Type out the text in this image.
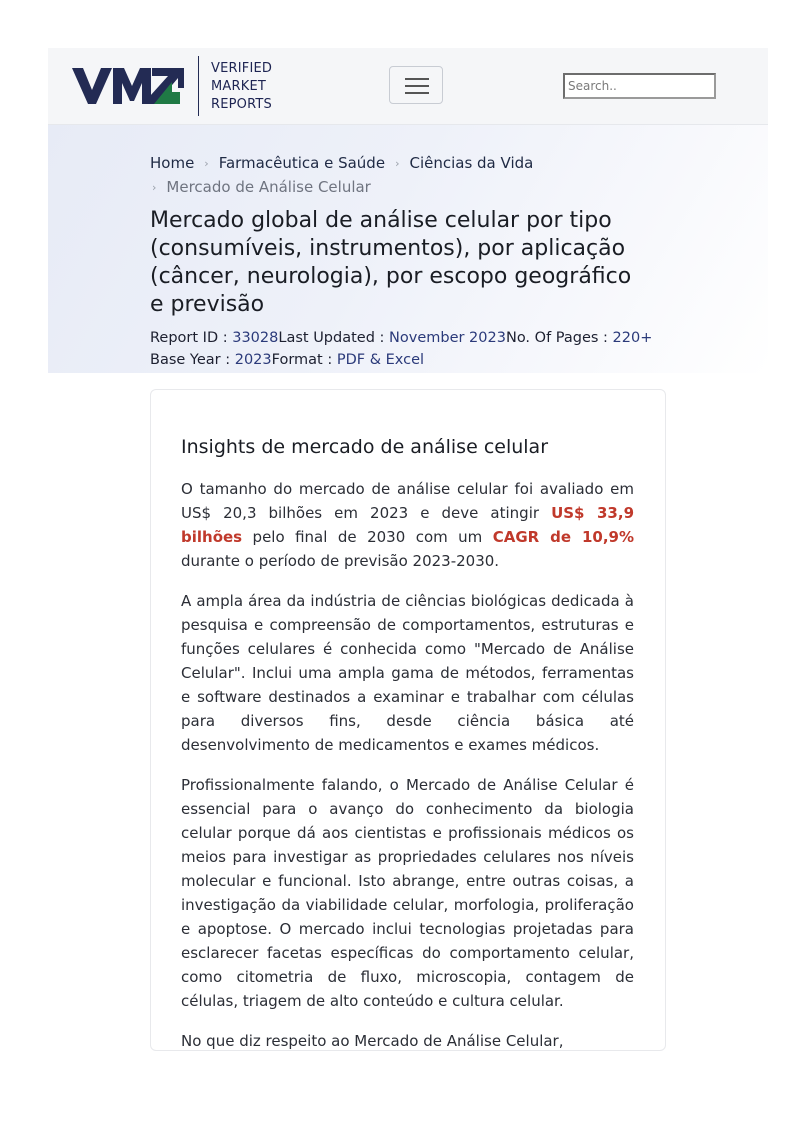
VERIFIED
MARKET
REPORTS
Search..
Home › Farmacêutica e Saúde › Ciências da Vida
› Mercado de Análise Celular
Mercado global de análise celular por tipo (consumíveis, instrumentos), por aplicação (câncer, neurologia), por escopo geográfico e previsão
Report ID : 33028Last Updated : November 2023No. Of Pages : 220+
Base Year : 2023Format : PDF & Excel
Insights de mercado de análise celular

O tamanho do mercado de análise celular foi avaliado em US$ 20,3 bilhões em 2023 e deve atingir US$ 33,9 bilhões pelo final de 2030 com um CAGR de 10,9% durante o período de previsão 2023-2030.

A ampla área da indústria de ciências biológicas dedicada à pesquisa e compreensão de comportamentos, estruturas e funções celulares é conhecida como "Mercado de Análise Celular". Inclui uma ampla gama de métodos, ferramentas e software destinados a examinar e trabalhar com células para diversos fins, desde ciência básica até desenvolvimento de medicamentos e exames médicos.

Profissionalmente falando, o Mercado de Análise Celular é essencial para o avanço do conhecimento da biologia celular porque dá aos cientistas e profissionais médicos os meios para investigar as propriedades celulares nos níveis molecular e funcional. Isto abrange, entre outras coisas, a investigação da viabilidade celular, morfologia, proliferação e apoptose. O mercado inclui tecnologias projetadas para esclarecer facetas específicas do comportamento celular, como citometria de fluxo, microscopia, contagem de células, triagem de alto conteúdo e cultura celular.

No que diz respeito ao Mercado de Análise Celular,
